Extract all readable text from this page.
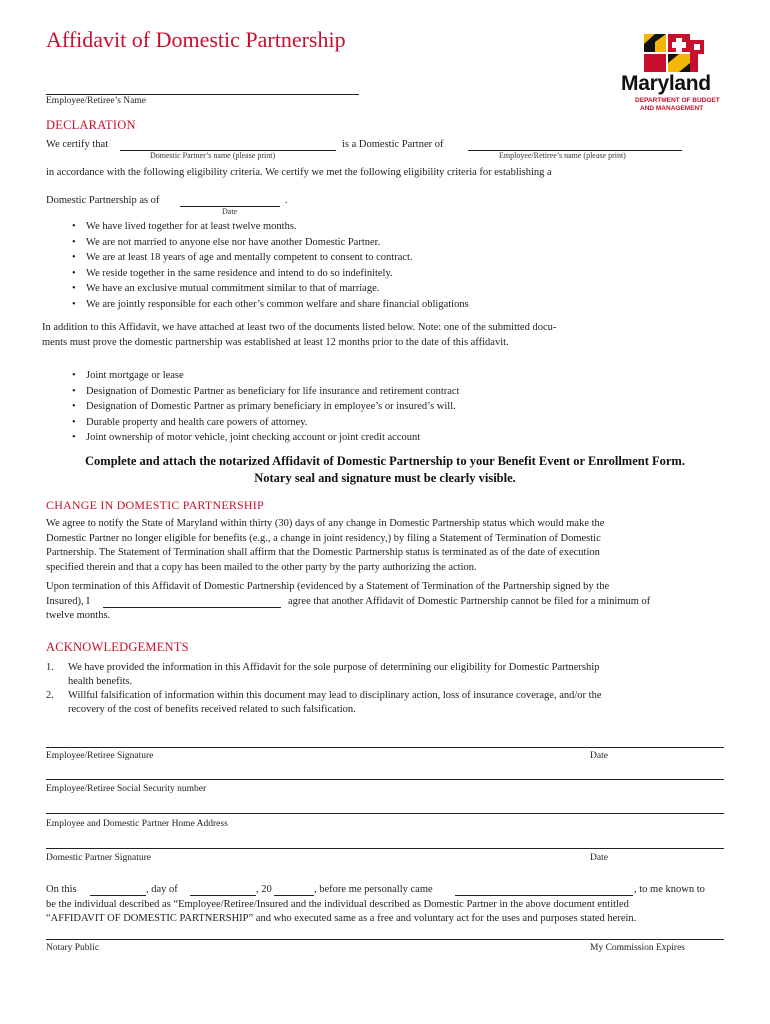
Affidavit of Domestic Partnership
Employee/Retiree’s Name
Maryland
DEPARTMENT OF BUDGET
AND MANAGEMENT
DECLARATION
We certify that
Domestic Partner’s name (please print)
is a Domestic Partner of
Employee/Retiree’s name (please print)
in accordance with the following eligibility criteria. We certify we met the following eligibility criteria for establishing a
Domestic Partnership as of	.
Date
• We have lived together for at least twelve months.
• We are not married to anyone else nor have another Domestic Partner.
• We are at least 18 years of age and mentally competent to consent to contract.
• We reside together in the same residence and intend to do so indefinitely.
• We have an exclusive mutual commitment similar to that of marriage.
• We are jointly responsible for each other’s common welfare and share financial obligations
In addition to this Affidavit, we have attached at least two of the documents listed below. Note: one of the submitted docu-
ments must prove the domestic partnership was established at least 12 months prior to the date of this affidavit.
• Joint mortgage or lease
• Designation of Domestic Partner as beneficiary for life insurance and retirement contract
• Designation of Domestic Partner as primary beneficiary in employee’s or insured’s will.
• Durable property and health care powers of attorney.
• Joint ownership of motor vehicle, joint checking account or joint credit account
Complete and attach the notarized Affidavit of Domestic Partnership to your Benefit Event or Enrollment Form.
Notary seal and signature must be clearly visible.
CHANGE IN DOMESTIC PARTNERSHIP
We agree to notify the State of Maryland within thirty (30) days of any change in Domestic Partnership status which would make the
Domestic Partner no longer eligible for benefits (e.g., a change in joint residency,) by filing a Statement of Termination of Domestic
Partnership. The Statement of Termination shall affirm that the Domestic Partnership status is terminated as of the date of execution
specified therein and that a copy has been mailed to the other party by the party authorizing the action.
Upon termination of this Affidavit of Domestic Partnership (evidenced by a Statement of Termination of the Partnership signed by the
Insured), I	agree that another Affidavit of Domestic Partnership cannot be filed for a minimum of
twelve months.
ACKNOWLEDGEMENTS
1. We have provided the information in this Affidavit for the sole purpose of determining our eligibility for Domestic Partnership
health benefits.
2. Willful falsification of information within this document may lead to disciplinary action, loss of insurance coverage, and/or the
recovery of the cost of benefits received related to such falsification.
Employee/Retiree Signature	Date
Employee/Retiree Social Security number
Employee and Domestic Partner Home Address
Domestic Partner Signature	Date
On this	, day of	, 20	, before me personally came	, to me known to
be the individual described as “Employee/Retiree/Insured and the individual described as Domestic Partner in the above document entitled
“AFFIDAVIT OF DOMESTIC PARTNERSHIP” and who executed same as a free and voluntary act for the uses and purposes stated herein.
Notary Public	My Commission Expires
